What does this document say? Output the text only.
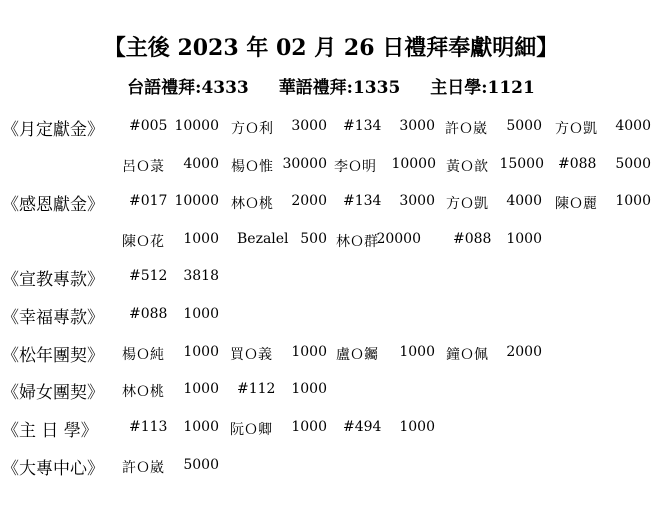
【主後 2023 年 02 月 26 日禮拜奉獻明細】
台語禮拜:4333 華語禮拜:1335 主日學:1121
《月定獻金》 #005 10000 方Ｏ利 3000 #134 3000 許Ｏ崴 5000 方Ｏ凱 4000
呂Ｏ菉 4000 楊Ｏ惟 30000 李Ｏ明 10000 黃Ｏ歆 15000 #088 5000
《感恩獻金》 #017 10000 林Ｏ桃 2000 #134 3000 方Ｏ凱 4000 陳Ｏ麗 1000
陳Ｏ花 1000 Bezalel 500 林Ｏ群
20000 #088 1000
《宣教專款》 #512 3818
《幸福專款》 #088 1000
《松年團契》 楊Ｏ純 1000 買Ｏ義 1000 盧Ｏ钃 1000 鐘Ｏ佩 2000
《婦女團契》 林Ｏ桃 1000 #112 1000
《主 日 學》 #113 1000 阮Ｏ卿 1000 #494 1000
《大專中心》 許Ｏ崴 5000
